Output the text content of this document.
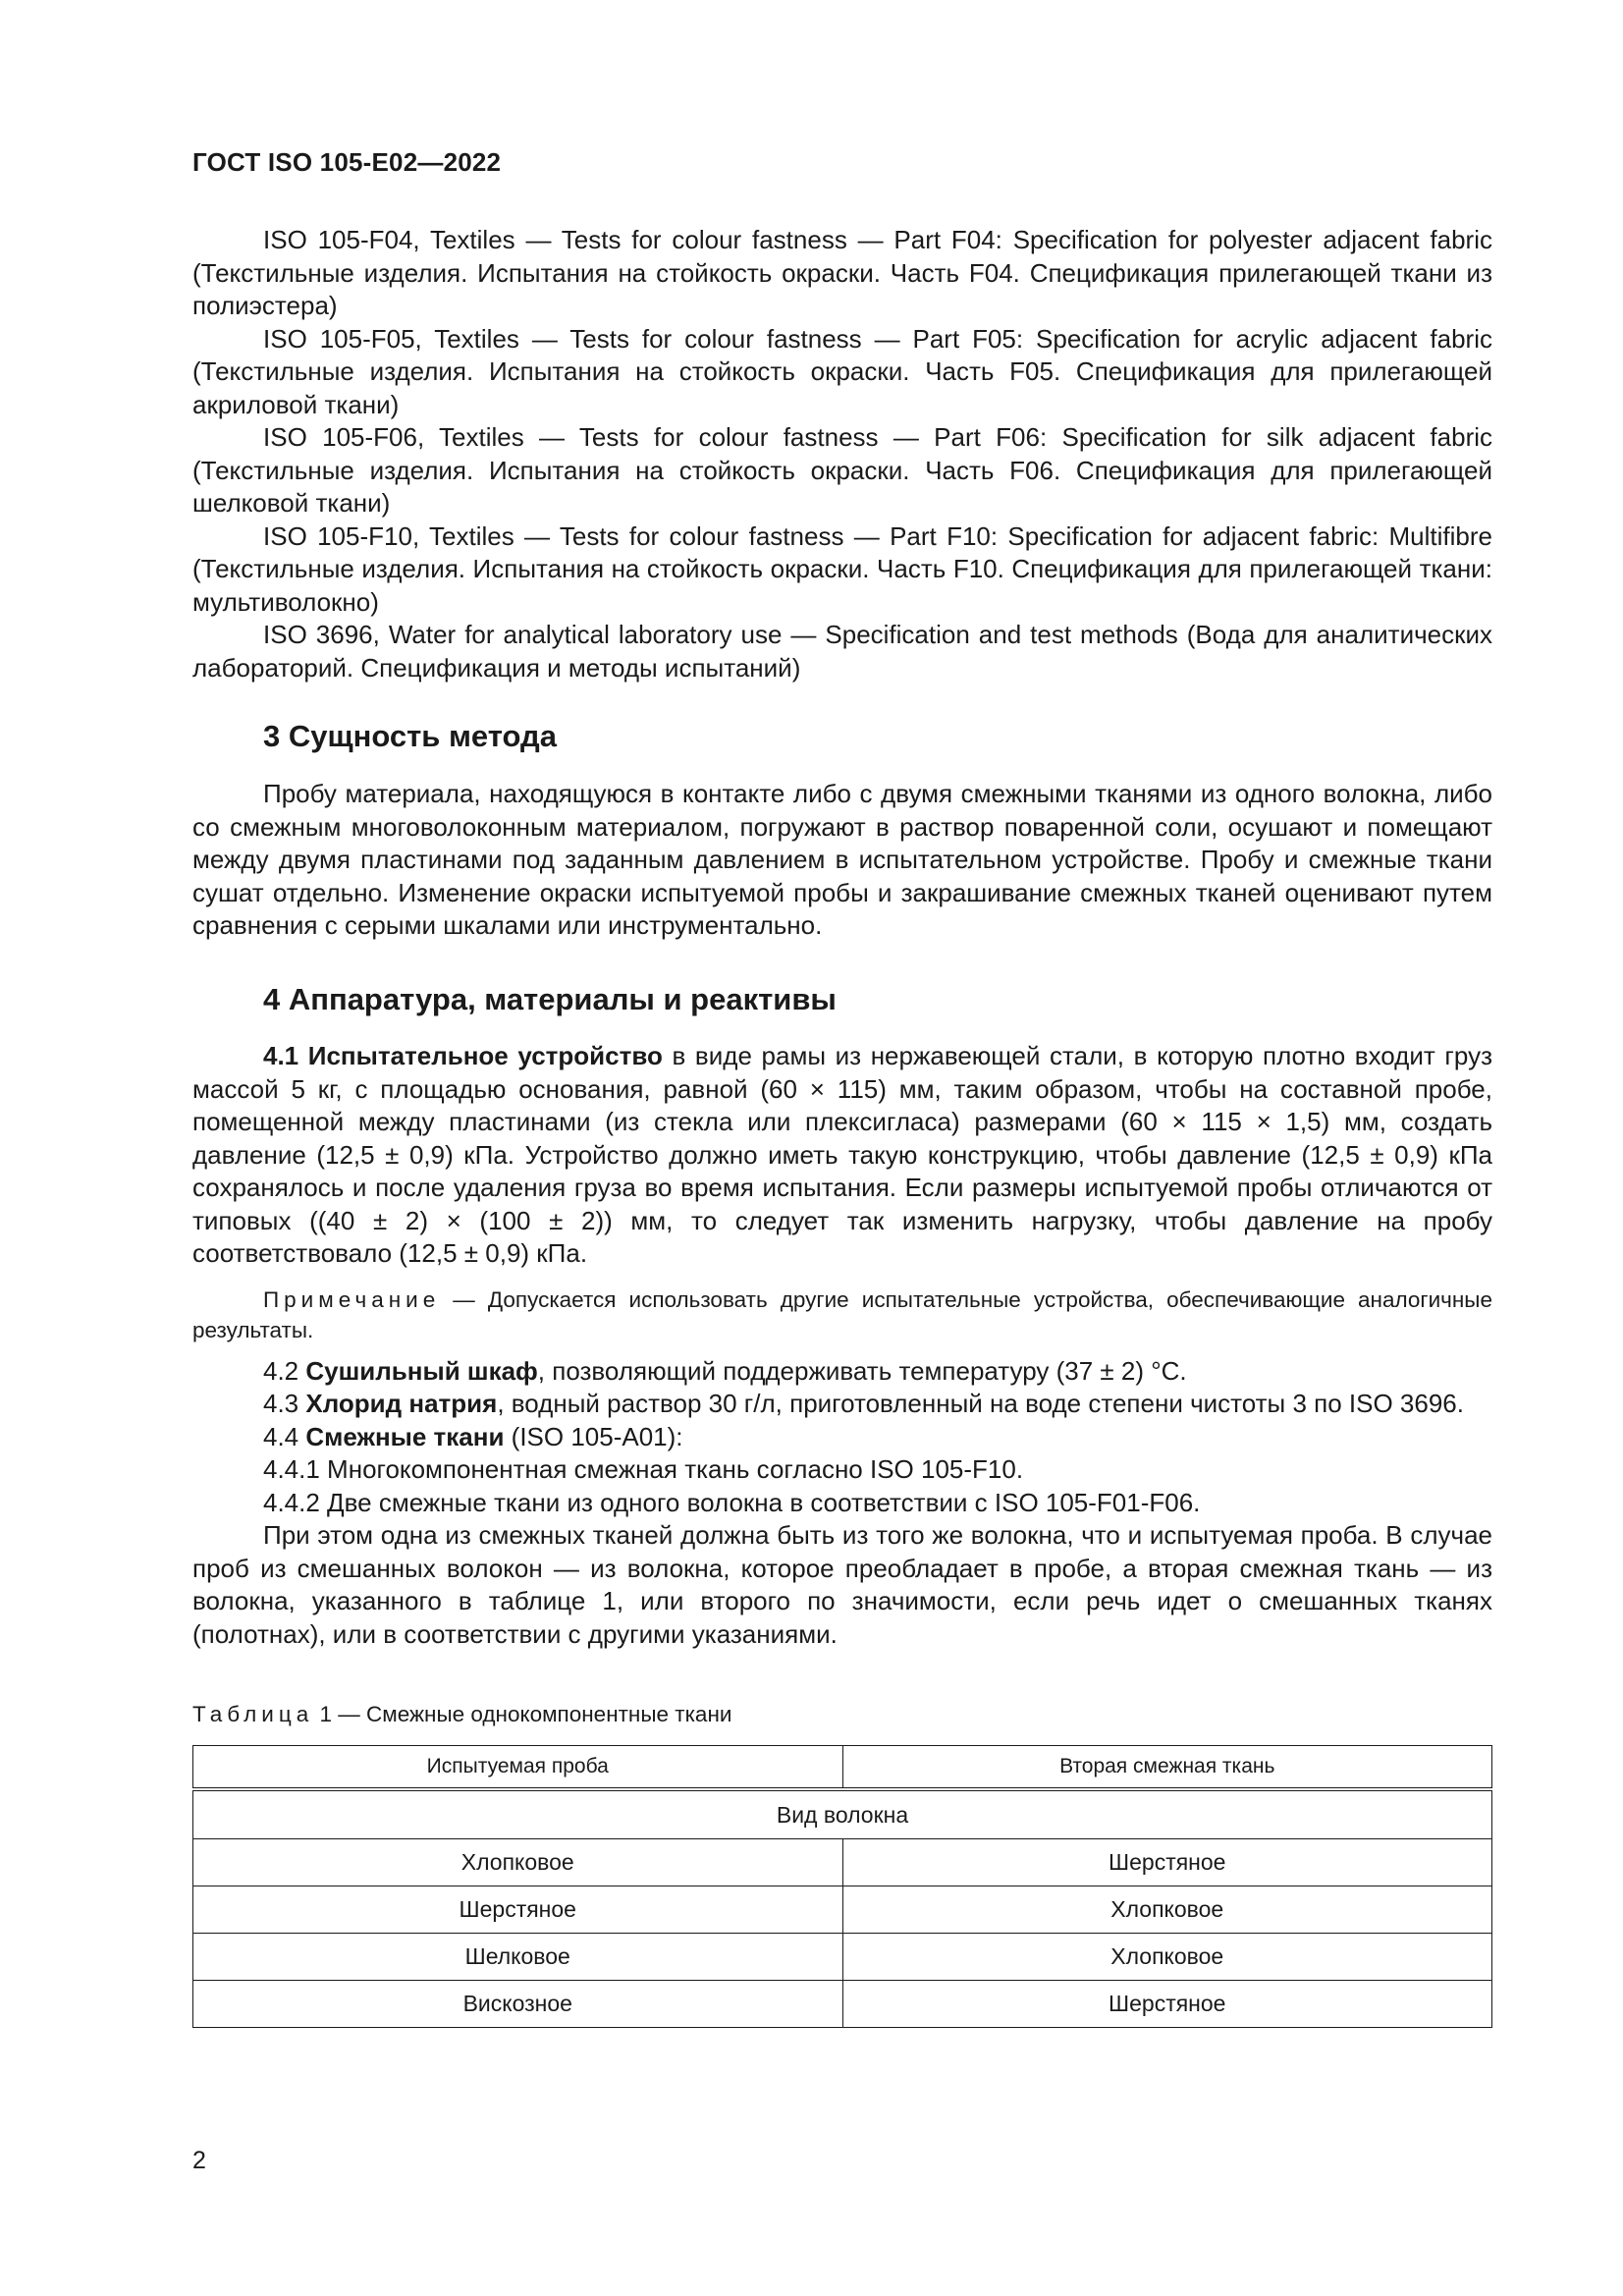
ГОСТ ISO 105-E02—2022

ISO 105-F04, Textiles — Tests for colour fastness — Part F04: Specification for polyester adjacent fabric (Текстильные изделия. Испытания на стойкость окраски. Часть F04. Спецификация прилегающей ткани из полиэстера)

ISO 105-F05, Textiles — Tests for colour fastness — Part F05: Specification for acrylic adjacent fabric (Текстильные изделия. Испытания на стойкость окраски. Часть F05. Спецификация для прилегающей акриловой ткани)

ISO 105-F06, Textiles — Tests for colour fastness — Part F06: Specification for silk adjacent fabric (Текстильные изделия. Испытания на стойкость окраски. Часть F06. Спецификация для прилегающей шелковой ткани)

ISO 105-F10, Textiles — Tests for colour fastness — Part F10: Specification for adjacent fabric: Multifibre (Текстильные изделия. Испытания на стойкость окраски. Часть F10. Спецификация для прилегающей ткани: мультиволокно)

ISO 3696, Water for analytical laboratory use — Specification and test methods (Вода для аналитических лабораторий. Спецификация и методы испытаний)

3 Сущность метода

Пробу материала, находящуюся в контакте либо с двумя смежными тканями из одного волокна, либо со смежным многоволоконным материалом, погружают в раствор поваренной соли, осушают и помещают между двумя пластинами под заданным давлением в испытательном устройстве. Пробу и смежные ткани сушат отдельно. Изменение окраски испытуемой пробы и закрашивание смежных тканей оценивают путем сравнения с серыми шкалами или инструментально.

4 Аппаратура, материалы и реактивы

4.1 Испытательное устройство в виде рамы из нержавеющей стали, в которую плотно входит груз массой 5 кг, с площадью основания, равной (60 × 115) мм, таким образом, чтобы на составной пробе, помещенной между пластинами (из стекла или плексигласа) размерами (60 × 115 × 1,5) мм, создать давление (12,5 ± 0,9) кПа. Устройство должно иметь такую конструкцию, чтобы давление (12,5 ± 0,9) кПа сохранялось и после удаления груза во время испытания. Если размеры испытуемой пробы отличаются от типовых ((40 ± 2) × (100 ± 2)) мм, то следует так изменить нагрузку, чтобы давление на пробу соответствовало (12,5 ± 0,9) кПа.

Примечание — Допускается использовать другие испытательные устройства, обеспечивающие аналогичные результаты.

4.2 Сушильный шкаф, позволяющий поддерживать температуру (37 ± 2) °С.

4.3 Хлорид натрия, водный раствор 30 г/л, приготовленный на воде степени чистоты 3 по ISO 3696.

4.4 Смежные ткани (ISO 105-A01):

4.4.1 Многокомпонентная смежная ткань согласно ISO 105-F10.

4.4.2 Две смежные ткани из одного волокна в соответствии с ISO 105-F01-F06.

При этом одна из смежных тканей должна быть из того же волокна, что и испытуемая проба. В случае проб из смешанных волокон — из волокна, которое преобладает в пробе, а вторая смежная ткань — из волокна, указанного в таблице 1, или второго по значимости, если речь идет о смешанных тканях (полотнах), или в соответствии с другими указаниями.

Таблица 1 — Смежные однокомпонентные ткани
Испытуемая проба	Вторая смежная ткань
Вид волокна	
Хлопковое	Шерстяное
Шерстяное	Хлопковое
Шелковое	Хлопковое
Вискозное	Шерстяное
2
